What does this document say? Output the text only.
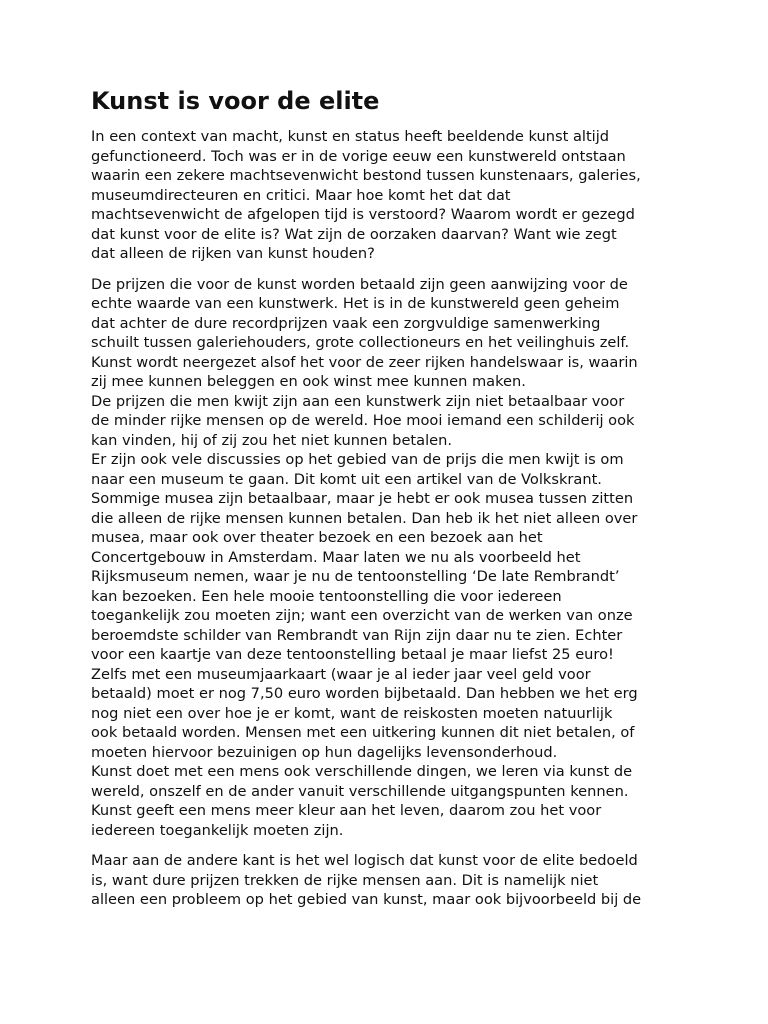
Kunst is voor de elite

In een context van macht, kunst en status heeft beeldende kunst altijd
gefunctioneerd. Toch was er in de vorige eeuw een kunstwereld ontstaan
waarin een zekere machtsevenwicht bestond tussen kunstenaars, galeries,
museumdirecteuren en critici. Maar hoe komt het dat dat
machtsevenwicht de afgelopen tijd is verstoord? Waarom wordt er gezegd
dat kunst voor de elite is? Wat zijn de oorzaken daarvan? Want wie zegt
dat alleen de rijken van kunst houden?

De prijzen die voor de kunst worden betaald zijn geen aanwijzing voor de
echte waarde van een kunstwerk. Het is in de kunstwereld geen geheim
dat achter de dure recordprijzen vaak een zorgvuldige samenwerking
schuilt tussen galeriehouders, grote collectioneurs en het veilinghuis zelf.
Kunst wordt neergezet alsof het voor de zeer rijken handelswaar is, waarin
zij mee kunnen beleggen en ook winst mee kunnen maken.
De prijzen die men kwijt zijn aan een kunstwerk zijn niet betaalbaar voor
de minder rijke mensen op de wereld. Hoe mooi iemand een schilderij ook
kan vinden, hij of zij zou het niet kunnen betalen.
Er zijn ook vele discussies op het gebied van de prijs die men kwijt is om
naar een museum te gaan. Dit komt uit een artikel van de Volkskrant.
Sommige musea zijn betaalbaar, maar je hebt er ook musea tussen zitten
die alleen de rijke mensen kunnen betalen. Dan heb ik het niet alleen over
musea, maar ook over theater bezoek en een bezoek aan het
Concertgebouw in Amsterdam. Maar laten we nu als voorbeeld het
Rijksmuseum nemen, waar je nu de tentoonstelling ‘De late Rembrandt’
kan bezoeken. Een hele mooie tentoonstelling die voor iedereen
toegankelijk zou moeten zijn; want een overzicht van de werken van onze
beroemdste schilder van Rembrandt van Rijn zijn daar nu te zien. Echter
voor een kaartje van deze tentoonstelling betaal je maar liefst 25 euro!
Zelfs met een museumjaarkaart (waar je al ieder jaar veel geld voor
betaald) moet er nog 7,50 euro worden bijbetaald. Dan hebben we het erg
nog niet een over hoe je er komt, want de reiskosten moeten natuurlijk
ook betaald worden. Mensen met een uitkering kunnen dit niet betalen, of
moeten hiervoor bezuinigen op hun dagelijks levensonderhoud.
Kunst doet met een mens ook verschillende dingen, we leren via kunst de
wereld, onszelf en de ander vanuit verschillende uitgangspunten kennen.
Kunst geeft een mens meer kleur aan het leven, daarom zou het voor
iedereen toegankelijk moeten zijn.

Maar aan de andere kant is het wel logisch dat kunst voor de elite bedoeld
is, want dure prijzen trekken de rijke mensen aan. Dit is namelijk niet
alleen een probleem op het gebied van kunst, maar ook bijvoorbeeld bij de
